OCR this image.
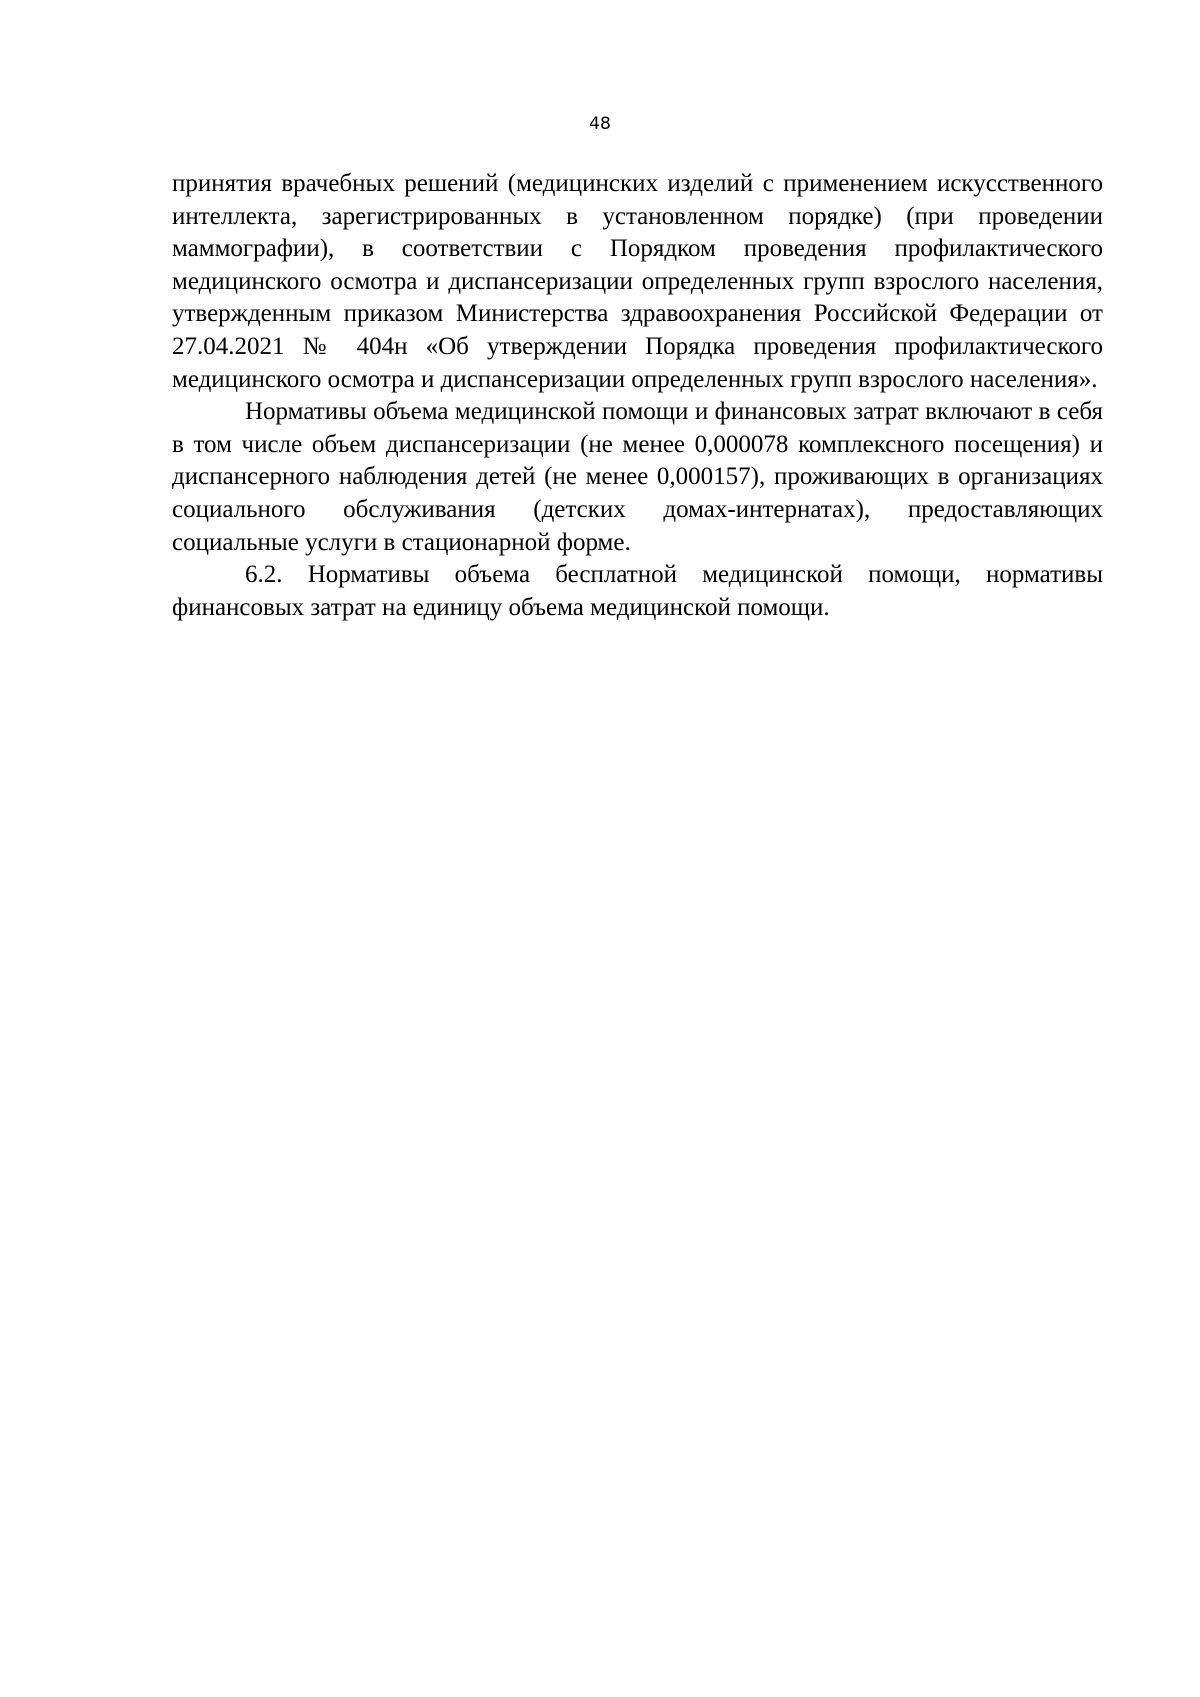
48

принятия врачебных решений (медицинских изделий с применением искусственного интеллекта, зарегистрированных в установленном порядке) (при проведении маммографии), в соответствии с Порядком проведения профилактического медицинского осмотра и диспансеризации определенных групп взрослого населения, утвержденным приказом Министерства здравоохранения Российской Федерации от 27.04.2021 № 404н «Об утверждении Порядка проведения профилактического медицинского осмотра и диспансеризации определенных групп взрослого населения».

Нормативы объема медицинской помощи и финансовых затрат включают в себя в том числе объем диспансеризации (не менее 0,000078 комплексного посещения) и диспансерного наблюдения детей (не менее 0,000157), проживающих в организациях социального обслуживания (детских домах-интернатах), предоставляющих социальные услуги в стационарной форме.

6.2. Нормативы объема бесплатной медицинской помощи, нормативы финансовых затрат на единицу объема медицинской помощи.
